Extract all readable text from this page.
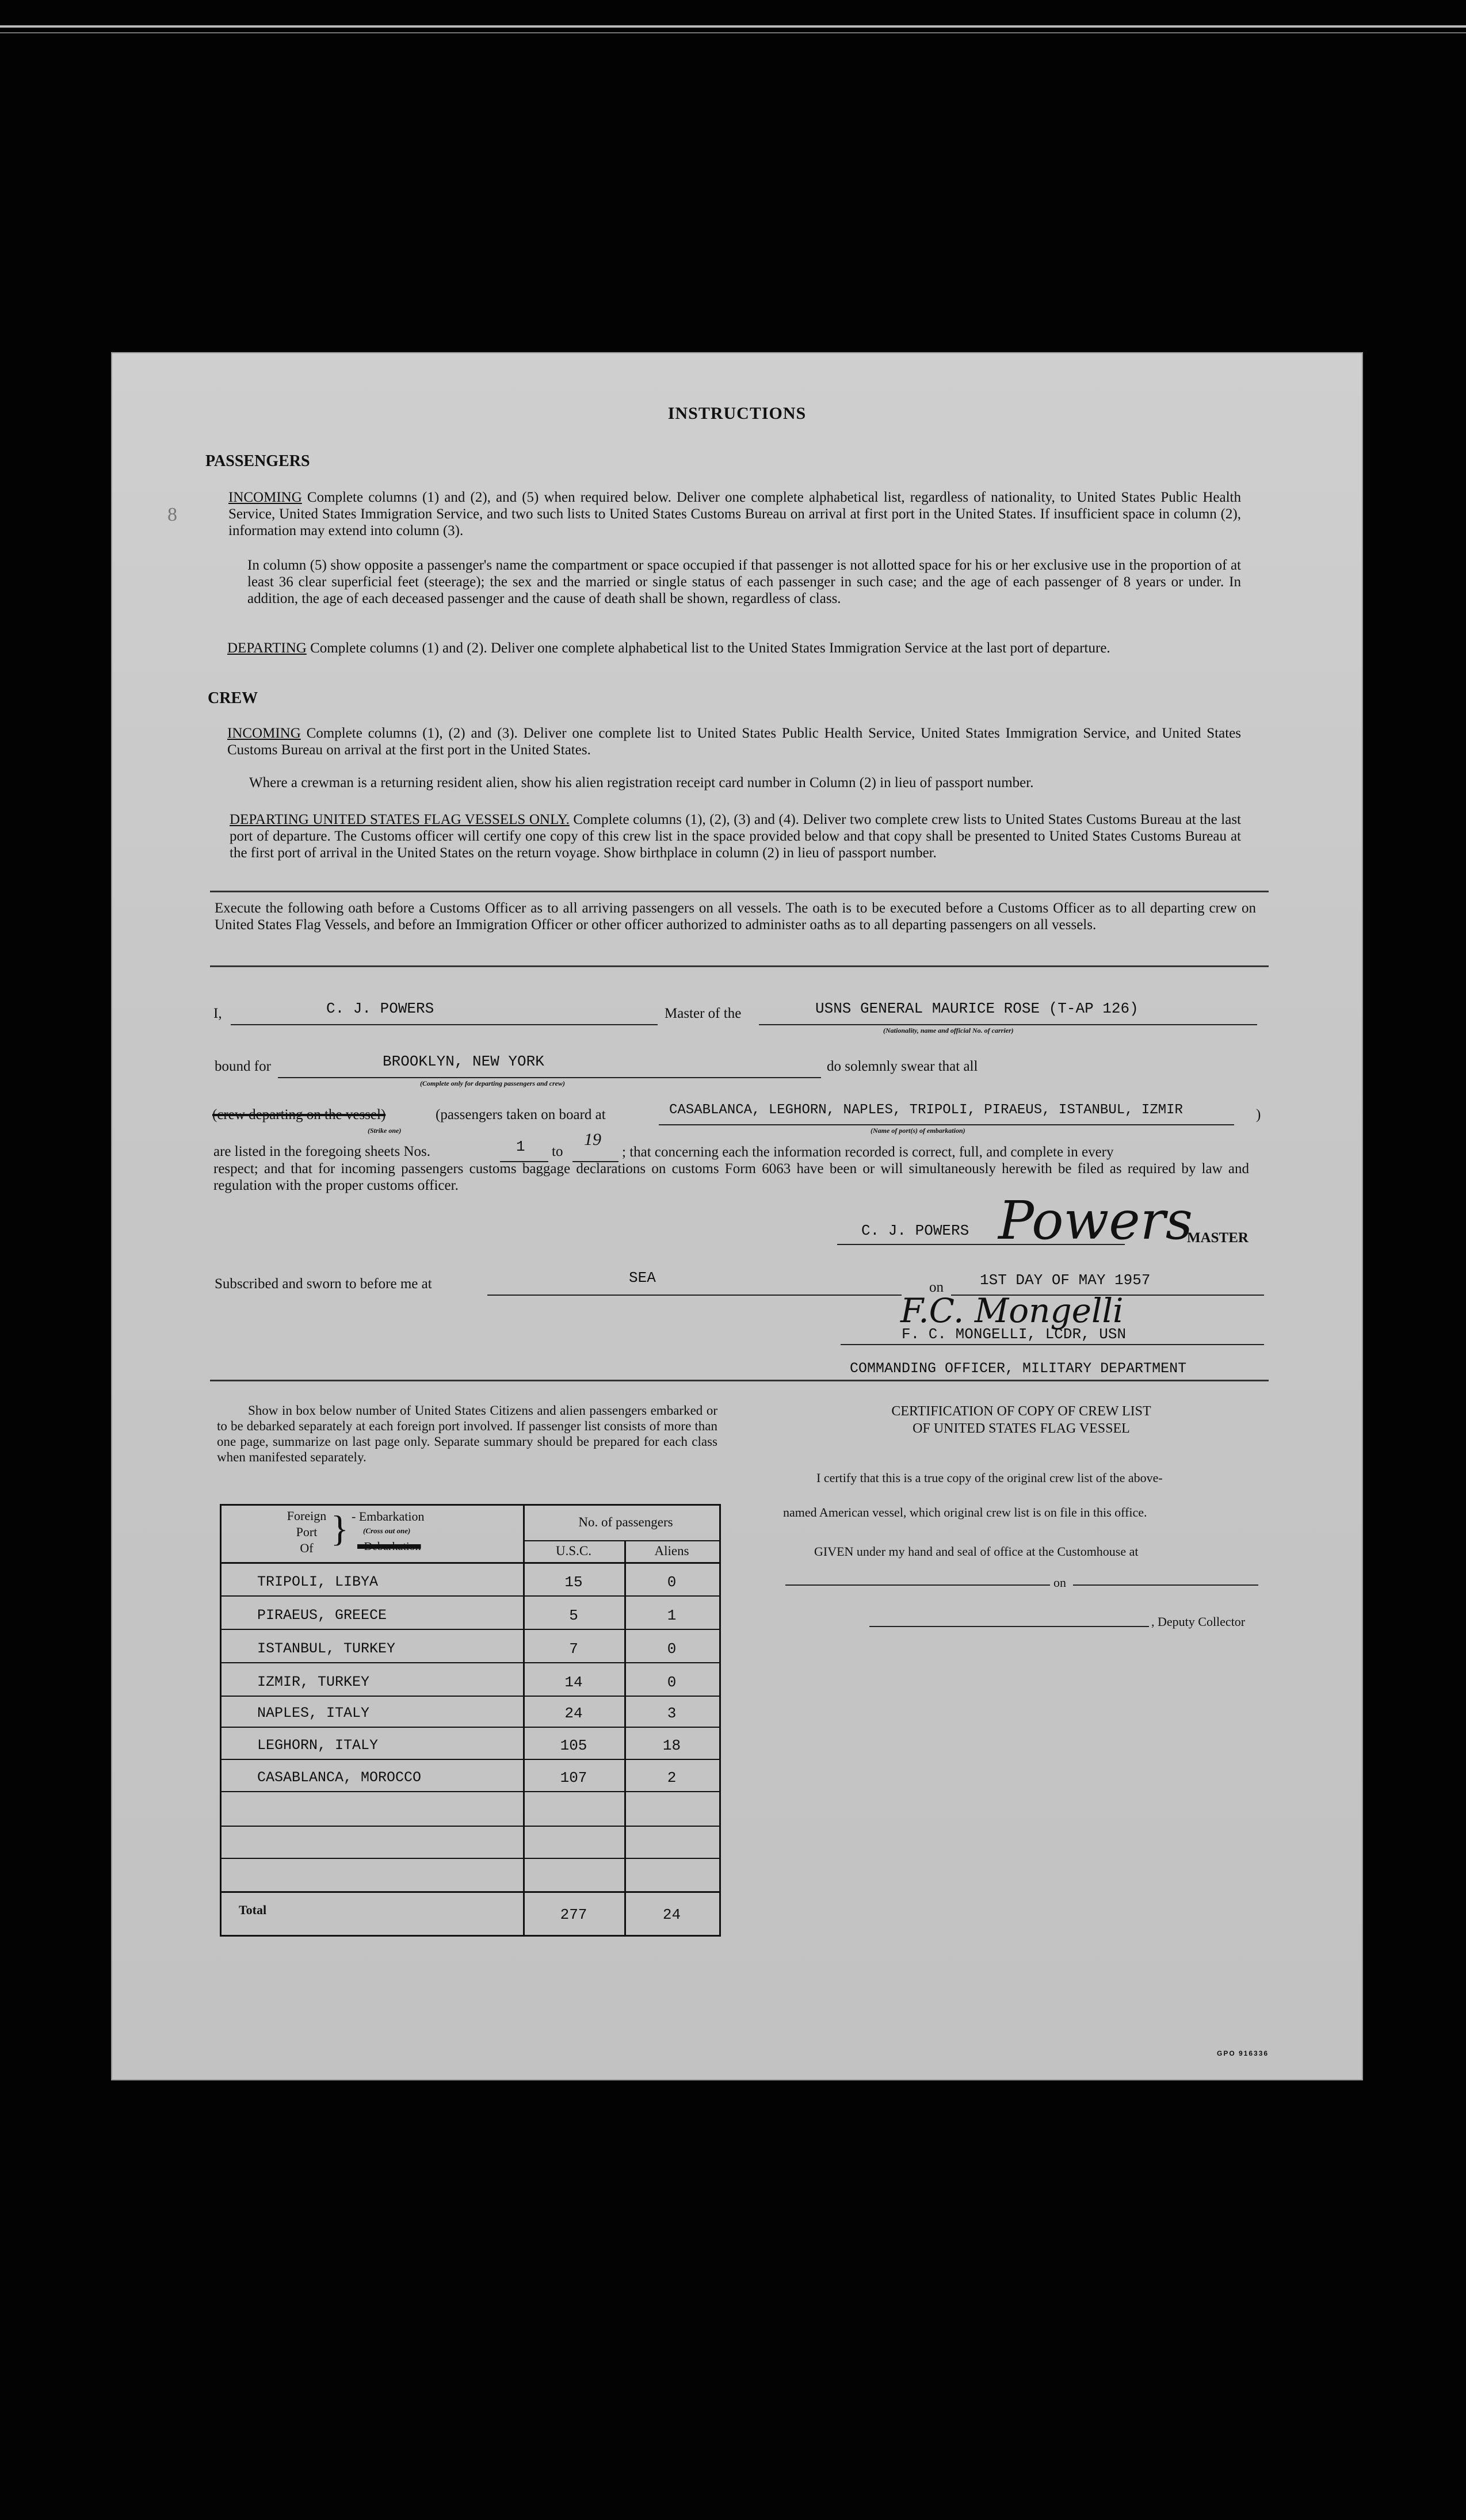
INSTRUCTIONS
8
PASSENGERS
INCOMING Complete columns (1) and (2), and (5) when required below. Deliver one complete alphabetical list, regardless of nationality, to United States Public Health Service, United States Immigration Service, and two such lists to United States Customs Bureau on arrival at first port in the United States. If insufficient space in column (2), information may extend into column (3).
In column (5) show opposite a passenger's name the compartment or space occupied if that passenger is not allotted space for his or her exclusive use in the proportion of at least 36 clear superficial feet (steerage); the sex and the married or single status of each passenger in such case; and the age of each passenger of 8 years or under. In addition, the age of each deceased passenger and the cause of death shall be shown, regardless of class.
DEPARTING Complete columns (1) and (2). Deliver one complete alphabetical list to the United States Immigration Service at the last port of departure.
CREW
INCOMING Complete columns (1), (2) and (3). Deliver one complete list to United States Public Health Service, United States Immigration Service, and United States Customs Bureau on arrival at the first port in the United States.
Where a crewman is a returning resident alien, show his alien registration receipt card number in Column (2) in lieu of passport number.
DEPARTING UNITED STATES FLAG VESSELS ONLY. Complete columns (1), (2), (3) and (4). Deliver two complete crew lists to United States Customs Bureau at the last port of departure. The Customs officer will certify one copy of this crew list in the space provided below and that copy shall be presented to United States Customs Bureau at the first port of arrival in the United States on the return voyage. Show birthplace in column (2) in lieu of passport number.
Execute the following oath before a Customs Officer as to all arriving passengers on all vessels. The oath is to be executed before a Customs Officer as to all departing crew on United States Flag Vessels, and before an Immigration Officer or other officer authorized to administer oaths as to all departing passengers on all vessels.
I,	C. J. POWERS	Master of the	USNS GENERAL MAURICE ROSE (T-AP 126)
(Nationality, name and official No. of carrier)
bound for	BROOKLYN, NEW YORK	do solemnly swear that all
(Complete only for departing passengers and crew)
(crew departing on the vessel)	(passengers taken on board at	CASABLANCA, LEGHORN, NAPLES, TRIPOLI, PIRAEUS, ISTANBUL, IZMIR	)
(Strike one)	(Name of port(s) of embarkation)
are listed in the foregoing sheets Nos.	1 to
19
; that concerning each the information recorded is correct, full, and complete in every
respect; and that for incoming passengers customs baggage declarations on customs Form 6063 have been or will simultaneously herewith be filed as required by law and regulation with the proper customs officer.
C. J. POWERS Powers
MASTER
Subscribed and sworn to before me at	SEA
on 1ST DAY OF MAY 1957
F.C. Mongelli
F. C. MONGELLI, LCDR, USN
COMMANDING OFFICER, MILITARY DEPARTMENT
Show in box below number of United States Citizens and alien passengers embarked or to be debarked separately at each foreign port involved. If passenger list consists of more than one page, summarize on last page only. Separate summary should be prepared for each class when manifested separately.
Foreign
Port
Of } - Embarkation
(Cross out one)
- Debarkation
No. of passengers
U.S.C.	Aliens
TRIPOLI, LIBYA	15	0
PIRAEUS, GREECE	5	1
ISTANBUL, TURKEY	7	0
IZMIR, TURKEY	14	0
NAPLES, ITALY	24	3
LEGHORN, ITALY	105	18
CASABLANCA, MOROCCO	107	2
Total	277	24
CERTIFICATION OF COPY OF CREW LIST
OF UNITED STATES FLAG VESSEL
I certify that this is a true copy of the original crew list of the above-
named American vessel, which original crew list is on file in this office.
GIVEN under my hand and seal of office at the Customhouse at
on
, Deputy Collector
GPO 916336
